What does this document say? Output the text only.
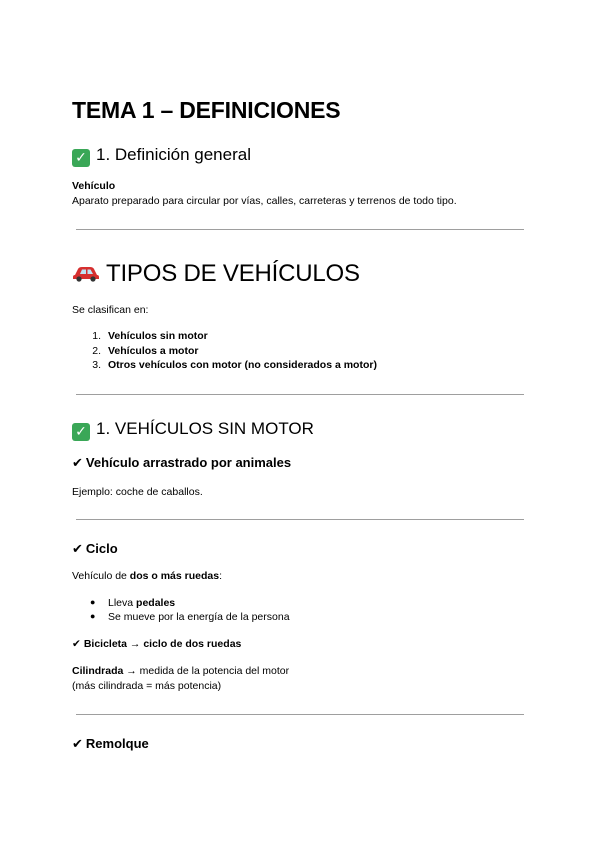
TEMA 1 – DEFINICIONES
✓ 1. Definición general
Vehículo
Aparato preparado para circular por vías, calles, carreteras y terrenos de todo tipo.
TIPOS DE VEHÍCULOS
Se clasifican en:
1. Vehículos sin motor
2. Vehículos a motor
3. Otros vehículos con motor (no considerados a motor)
✓ 1. VEHÍCULOS SIN MOTOR
✔ Vehículo arrastrado por animales
Ejemplo: coche de caballos.
✔ Ciclo
Vehículo de dos o más ruedas:
● Lleva pedales
● Se mueve por la energía de la persona
✔ Bicicleta → ciclo de dos ruedas
Cilindrada → medida de la potencia del motor
(más cilindrada = más potencia)
✔ Remolque
